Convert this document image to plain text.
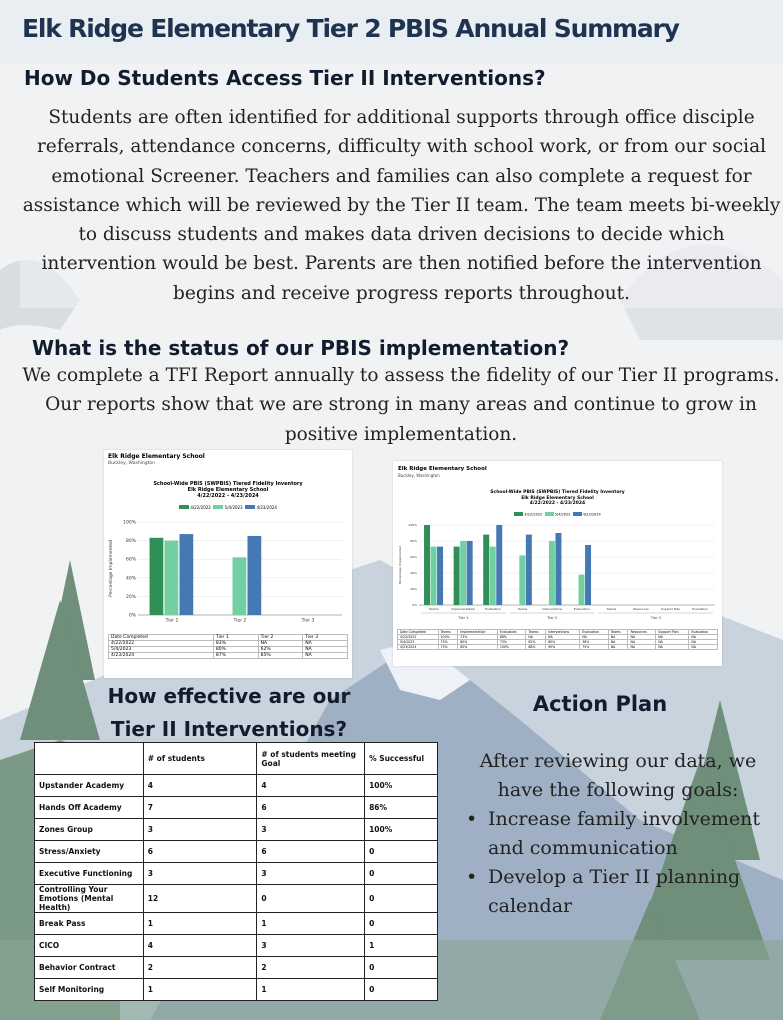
Elk Ridge Elementary Tier 2 PBIS Annual Summary
How Do Students Access Tier II Interventions?

Students are often identified for additional supports through office disciple referrals, attendance concerns, difficulty with school work, or from our social emotional Screener. Teachers and families can also complete a request for assistance which will be reviewed by the Tier II team. The team meets bi-weekly to discuss students and makes data driven decisions to decide which intervention would be best. Parents are then notified before the intervention begins and receive progress reports throughout.

What is the status of our PBIS implementation?

We complete a TFI Report annually to assess the fidelity of our Tier II programs. Our reports show that we are strong in many areas and continue to grow in positive implementation.

Elk Ridge Elementary School
Buckley, Washington
School-Wide PBIS (SWPBIS) Tiered Fidelity Inventory
Elk Ridge Elementary School
4/22/2022 - 4/23/2024
4/22/2022	5/4/2023	4/23/2024
Percentage Implemented
0%
20%
40%
60%
80%
100%
Tier 1	Tier 2	Tier 3
Date Completed	Tier 1	Tier 2	Tier 3
4/22/2022	83%	NA	NA
5/4/2023	80%	62%	NA
4/23/2024	87%	85%	NA
Elk Ridge Elementary School
Buckley, Washington
School-Wide PBIS (SWPBIS) Tiered Fidelity Inventory
Elk Ridge Elementary School
4/22/2022 - 4/23/2024
4/22/2022	5/4/2023	4/23/2024
Percentage Implemented
0%
20%
40%
60%
80%
100%
Teams	Implementation	Evaluation	Teams	Interventions	Evaluation	Teams	Resources	Support Plan	Evaluation
Tier 1	Tier 2	Tier 3
Date Completed	Teams	Implementation	Evaluation	Teams	Interventions	Evaluation	Teams	Resources	Support Plan	Evaluation
4/22/2022	100%	73%	88%	NA	NA	NA	NA	NA	NA	NA
5/4/2023	73%	80%	73%	62%	80%	38%	NA	NA	NA	NA
4/23/2024	73%	80%	100%	88%	90%	75%	NA	NA	NA	NA
How effective are our
Tier II Interventions?
	# of students	# of students meeting Goal	% Successful
Upstander Academy	4	4	100%
Hands Off Academy	7	6	86%
Zones Group	3	3	100%
Stress/Anxiety	6	6	0
Executive Functioning	3	3	0
Controlling Your Emotions (Mental Health)	12	0	0
Break Pass	1	1	0
CICO	4	3	1
Behavior Contract	2	2	0
Self Monitoring	1	1	0
Action Plan

After reviewing our data, we have the following goals:

• Increase family involvement and communication
• Develop a Tier II planning calendar
